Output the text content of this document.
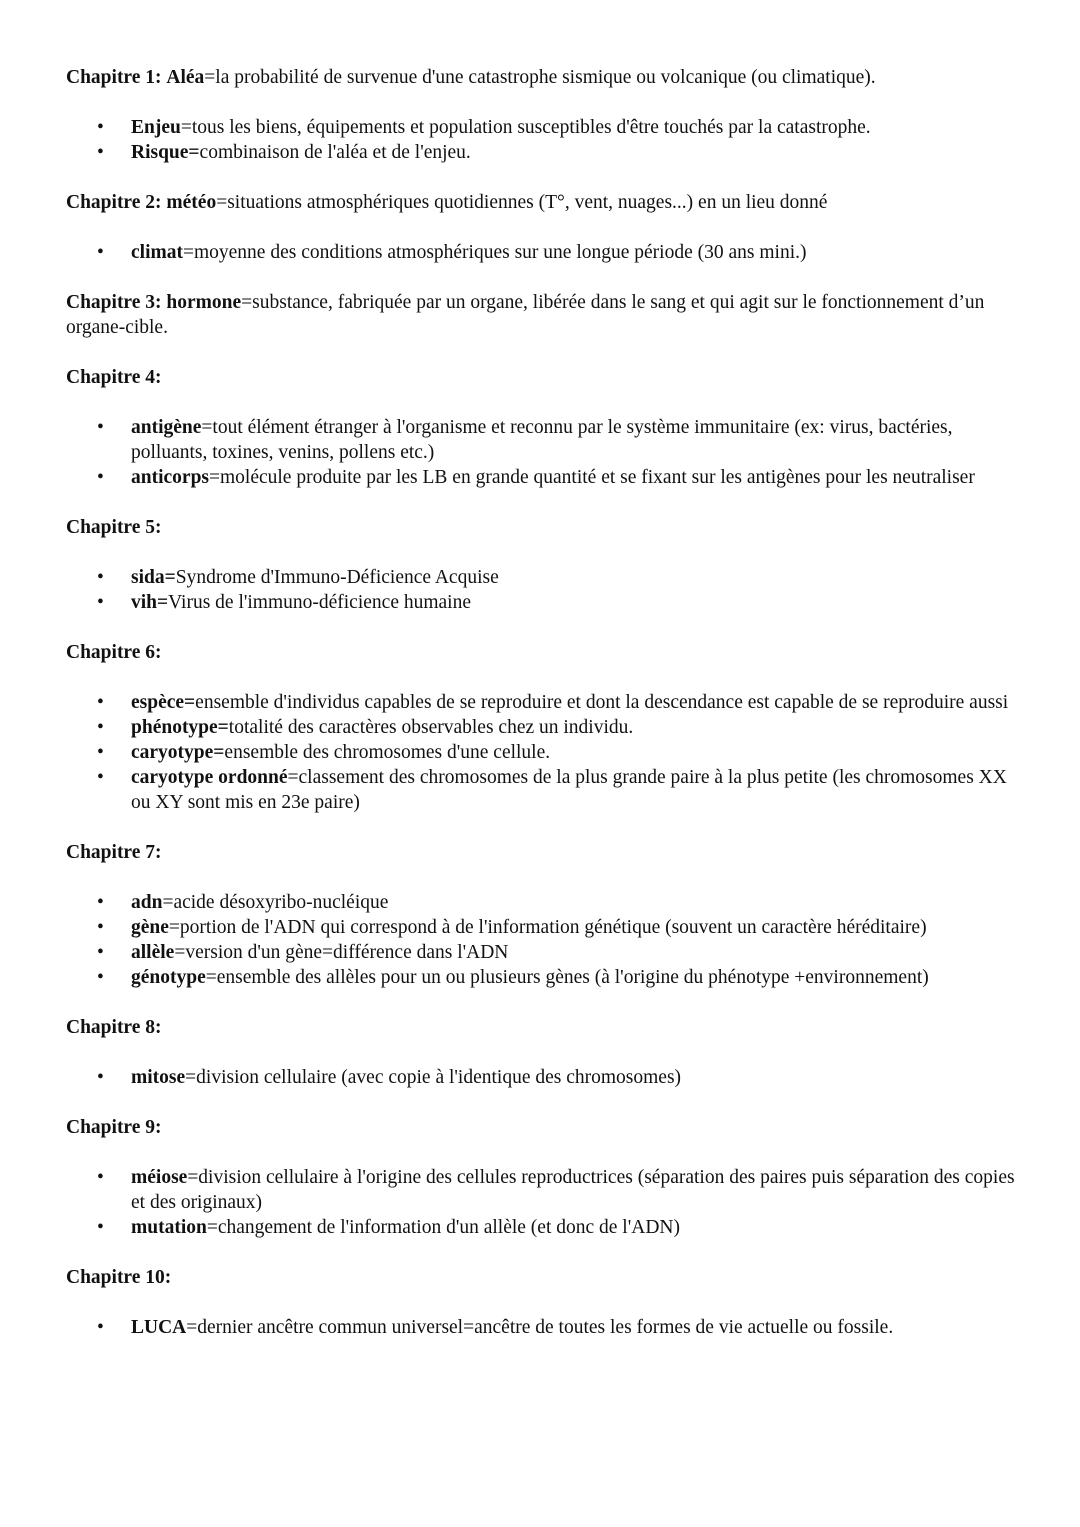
Chapitre 1: Aléa=la probabilité de survenue d'une catastrophe sismique ou volcanique (ou climatique).

• Enjeu=tous les biens, équipements et population susceptibles d'être touchés par la catastrophe.
• Risque=combinaison de l'aléa et de l'enjeu.

Chapitre 2: météo=situations atmosphériques quotidiennes (T°, vent, nuages...) en un lieu donné

• climat=moyenne des conditions atmosphériques sur une longue période (30 ans mini.)

Chapitre 3: hormone=substance, fabriquée par un organe, libérée dans le sang et qui agit sur le fonctionnement d’un organe-cible.

Chapitre 4:

• antigène=tout élément étranger à l'organisme et reconnu par le système immunitaire (ex: virus, bactéries, polluants, toxines, venins, pollens etc.)
• anticorps=molécule produite par les LB en grande quantité et se fixant sur les antigènes pour les neutraliser

Chapitre 5:

• sida=Syndrome d'Immuno-Déficience Acquise
• vih=Virus de l'immuno-déficience humaine

Chapitre 6:

• espèce=ensemble d'individus capables de se reproduire et dont la descendance est capable de se reproduire aussi
• phénotype=totalité des caractères observables chez un individu.
• caryotype=ensemble des chromosomes d'une cellule.
• caryotype ordonné=classement des chromosomes de la plus grande paire à la plus petite (les chromosomes XX ou XY sont mis en 23e paire)

Chapitre 7:

• adn=acide désoxyribo-nucléique
• gène=portion de l'ADN qui correspond à de l'information génétique (souvent un caractère héréditaire)
• allèle=version d'un gène=différence dans l'ADN
• génotype=ensemble des allèles pour un ou plusieurs gènes (à l'origine du phénotype +environnement)

Chapitre 8:

• mitose=division cellulaire (avec copie à l'identique des chromosomes)

Chapitre 9:

• méiose=division cellulaire à l'origine des cellules reproductrices (séparation des paires puis séparation des copies et des originaux)
• mutation=changement de l'information d'un allèle (et donc de l'ADN)

Chapitre 10:

• LUCA=dernier ancêtre commun universel=ancêtre de toutes les formes de vie actuelle ou fossile.
